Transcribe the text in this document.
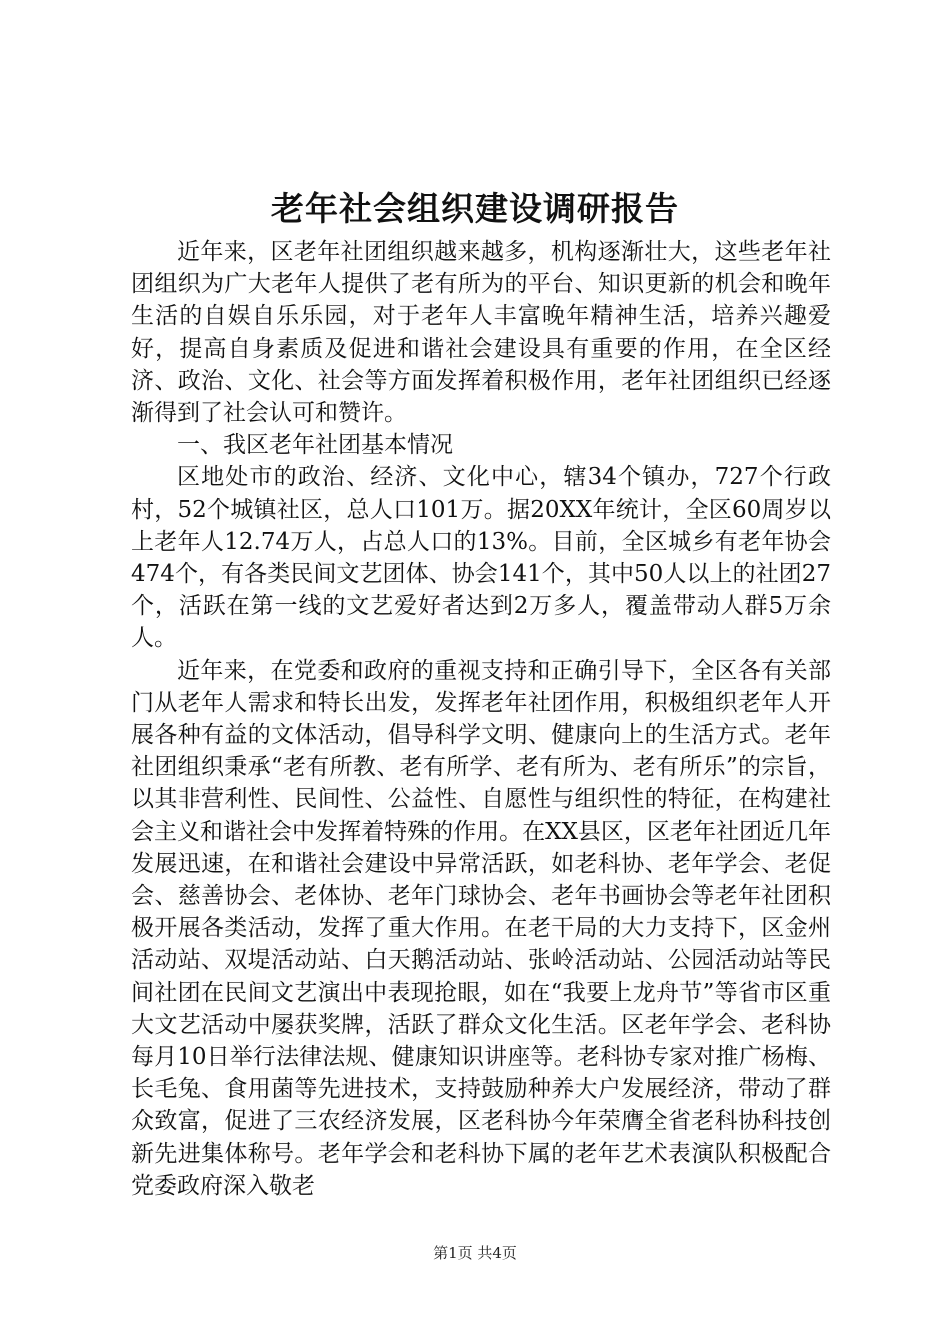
老年社会组织建设调研报告

近年来，区老年社团组织越来越多，机构逐渐壮大，这些老年社团组织为广大老年人提供了老有所为的平台、知识更新的机会和晚年生活的自娱自乐乐园，对于老年人丰富晚年精神生活，培养兴趣爱好，提高自身素质及促进和谐社会建设具有重要的作用，在全区经济、政治、文化、社会等方面发挥着积极作用，老年社团组织已经逐渐得到了社会认可和赞许。

一、我区老年社团基本情况

区地处市的政治、经济、文化中心，辖34个镇办，727个行政村，52个城镇社区，总人口101万。据20XX年统计，全区60周岁以上老年人12.74万人，占总人口的13%。目前，全区城乡有老年协会474个，有各类民间文艺团体、协会141个，其中50人以上的社团27个，活跃在第一线的文艺爱好者达到2万多人，覆盖带动人群5万余人。

近年来，在党委和政府的重视支持和正确引导下，全区各有关部门从老年人需求和特长出发，发挥老年社团作用，积极组织老年人开展各种有益的文体活动，倡导科学文明、健康向上的生活方式。老年社团组织秉承“老有所教、老有所学、老有所为、老有所乐”的宗旨，以其非营利性、民间性、公益性、自愿性与组织性的特征，在构建社会主义和谐社会中发挥着特殊的作用。在XX县区，区老年社团近几年发展迅速，在和谐社会建设中异常活跃，如老科协、老年学会、老促会、慈善协会、老体协、老年门球协会、老年书画协会等老年社团积极开展各类活动，发挥了重大作用。在老干局的大力支持下，区金州活动站、双堤活动站、白天鹅活动站、张岭活动站、公园活动站等民间社团在民间文艺演出中表现抢眼，如在“我要上龙舟节”等省市区重大文艺活动中屡获奖牌，活跃了群众文化生活。区老年学会、老科协每月10日举行法律法规、健康知识讲座等。老科协专家对推广杨梅、长毛兔、食用菌等先进技术，支持鼓励种养大户发展经济，带动了群众致富，促进了三农经济发展，区老科协今年荣膺全省老科协科技创新先进集体称号。老年学会和老科协下属的老年艺术表演队积极配合党委政府深入敬老

第1页 共4页
